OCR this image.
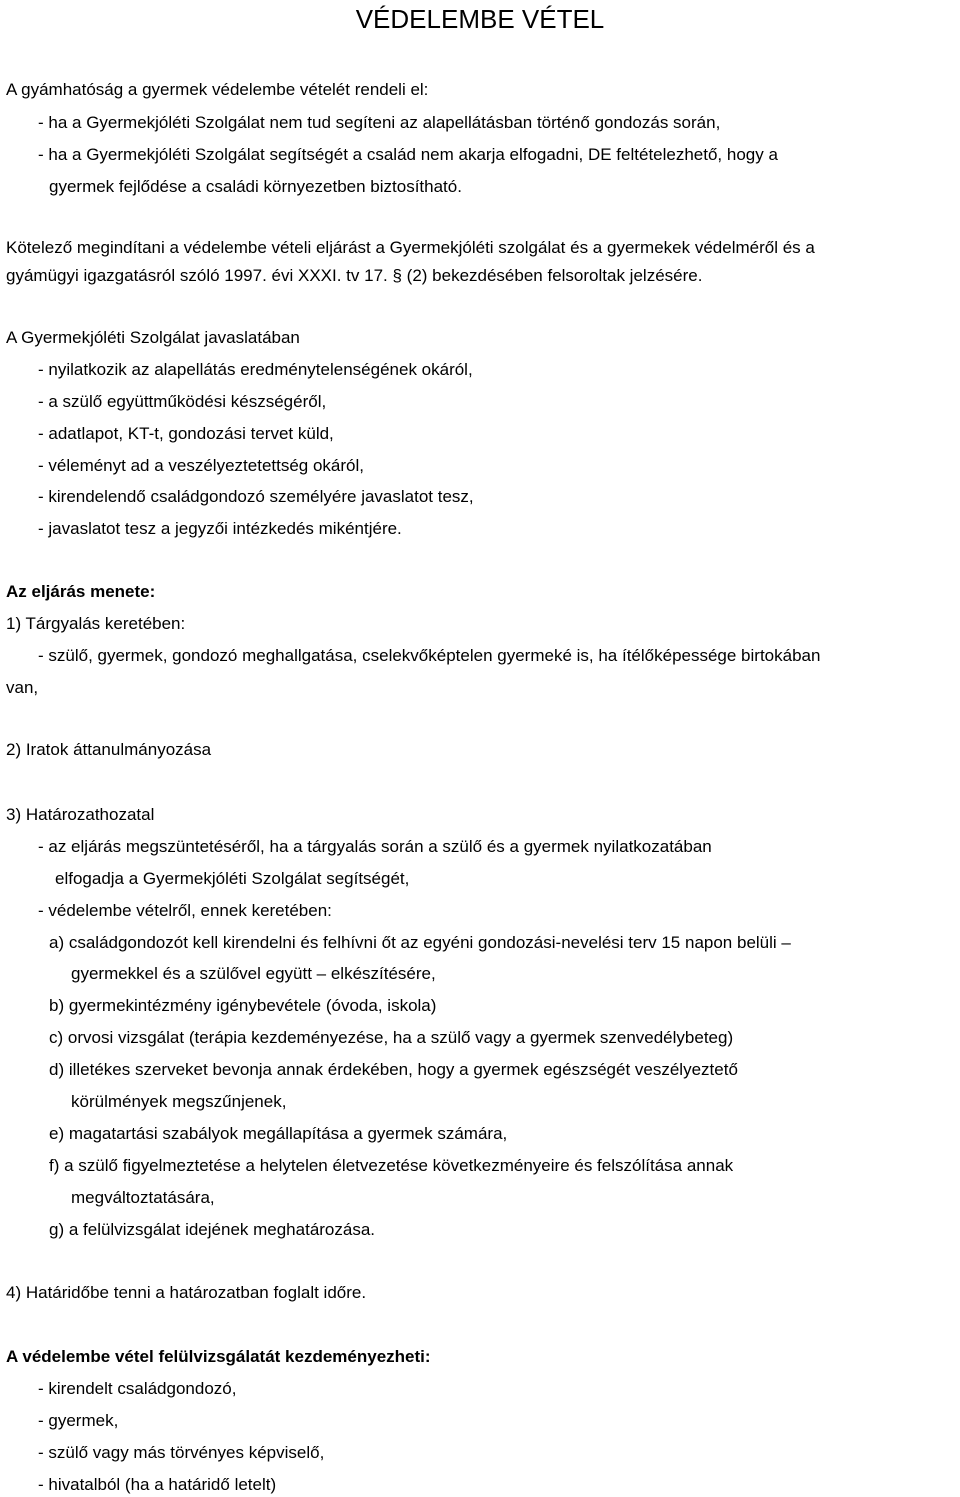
VÉDELEMBE VÉTEL
A gyámhatóság a gyermek védelembe vételét rendeli el:
- ha a Gyermekjóléti Szolgálat nem tud segíteni az alapellátásban történő gondozás során,
- ha a Gyermekjóléti Szolgálat segítségét a család nem akarja elfogadni, DE feltételezhető, hogy a
gyermek fejlődése a családi környezetben biztosítható.
Kötelező megindítani a védelembe vételi eljárást a Gyermekjóléti szolgálat és a gyermekek védelméről és a
gyámügyi igazgatásról szóló 1997. évi XXXI. tv 17. § (2) bekezdésében felsoroltak jelzésére.
A Gyermekjóléti Szolgálat javaslatában
- nyilatkozik az alapellátás eredménytelenségének okáról,
- a szülő együttműködési készségéről,
- adatlapot, KT-t, gondozási tervet küld,
- véleményt ad a veszélyeztetettség okáról,
- kirendelendő családgondozó személyére javaslatot tesz,
- javaslatot tesz a jegyzői intézkedés mikéntjére.
Az eljárás menete:
1) Tárgyalás keretében:
- szülő, gyermek, gondozó meghallgatása, cselekvőképtelen gyermeké is, ha ítélőképessége birtokában
van,
2) Iratok áttanulmányozása
3) Határozathozatal
- az eljárás megszüntetéséről, ha a tárgyalás során a szülő és a gyermek nyilatkozatában
elfogadja a Gyermekjóléti Szolgálat segítségét,
- védelembe vételről, ennek keretében:
a) családgondozót kell kirendelni és felhívni őt az egyéni gondozási-nevelési terv 15 napon belüli –
gyermekkel és a szülővel együtt – elkészítésére,
b) gyermekintézmény igénybevétele (óvoda, iskola)
c) orvosi vizsgálat (terápia kezdeményezése, ha a szülő vagy a gyermek szenvedélybeteg)
d) illetékes szerveket bevonja annak érdekében, hogy a gyermek egészségét veszélyeztető
körülmények megszűnjenek,
e) magatartási szabályok megállapítása a gyermek számára,
f) a szülő figyelmeztetése a helytelen életvezetése következményeire és felszólítása annak
megváltoztatására,
g) a felülvizsgálat idejének meghatározása.
4) Határidőbe tenni a határozatban foglalt időre.
A védelembe vétel felülvizsgálatát kezdeményezheti:
- kirendelt családgondozó,
- gyermek,
- szülő vagy más törvényes képviselő,
- hivatalból (ha a határidő letelt)
